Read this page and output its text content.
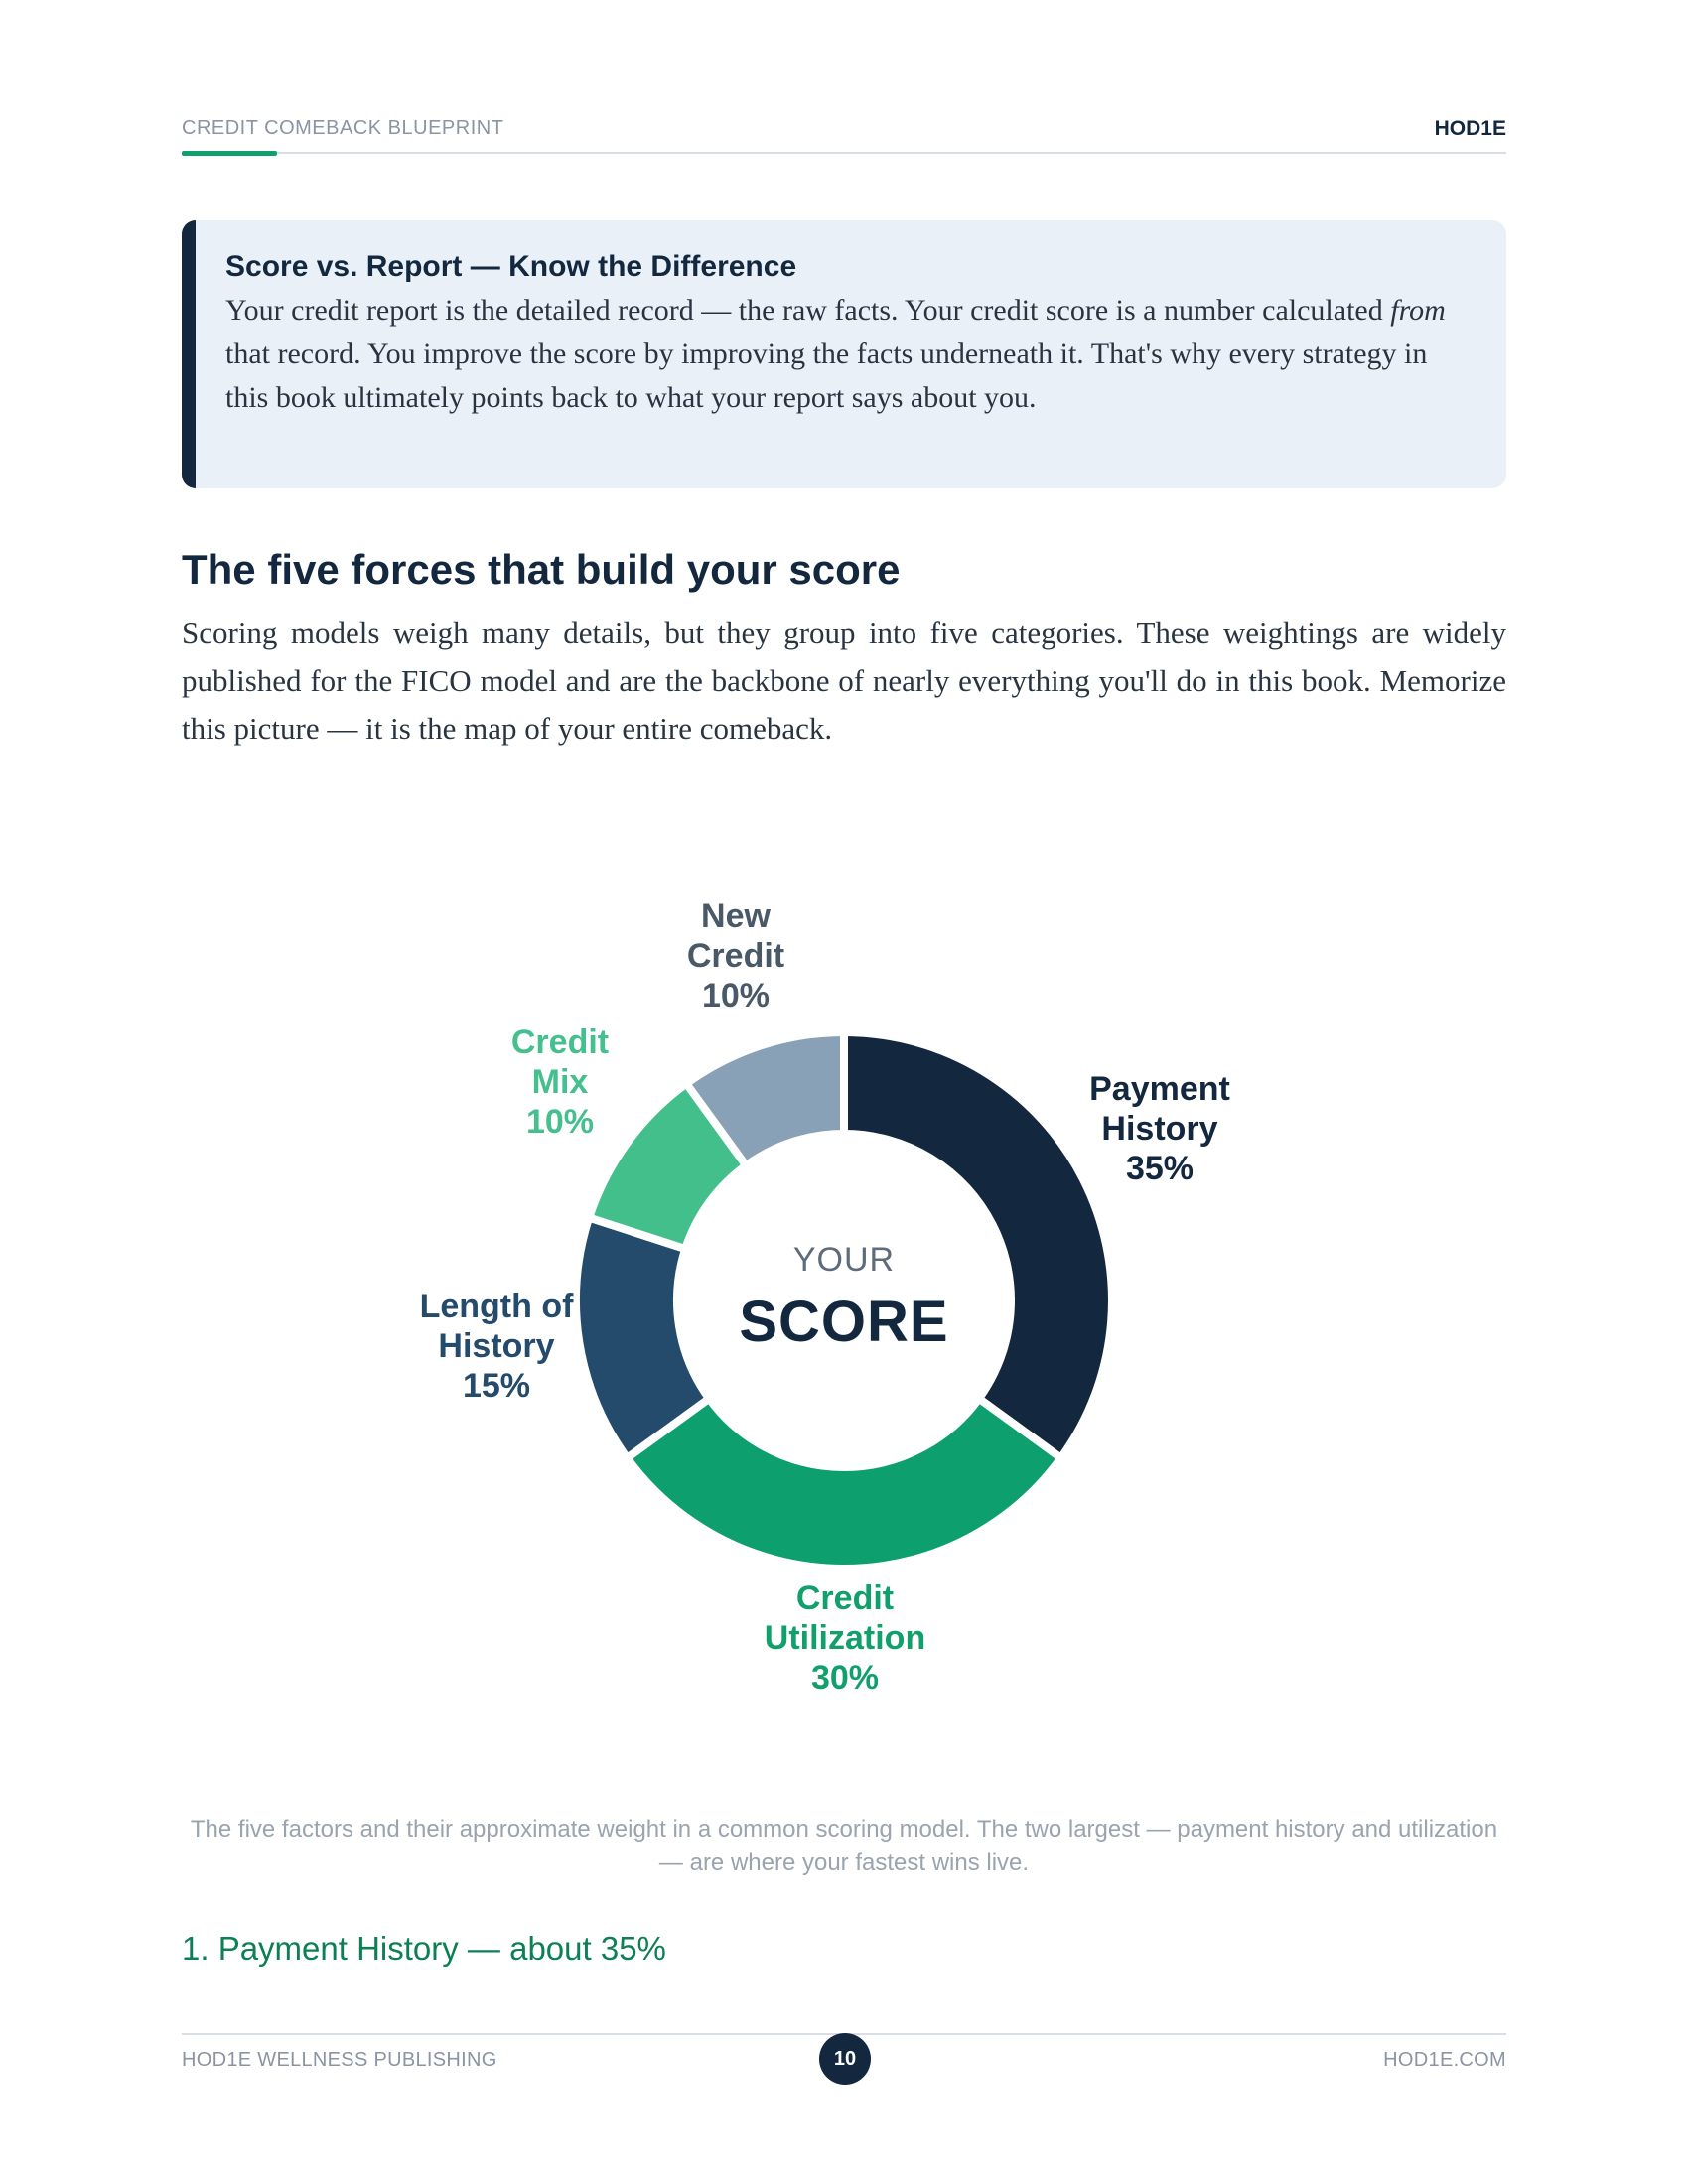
CREDIT COMEBACK BLUEPRINT	HOD1E
Score vs. Report — Know the Difference
Your credit report is the detailed record — the raw facts. Your credit score is a number calculated from that record. You improve the score by improving the facts underneath it. That's why every strategy in this book ultimately points back to what your report says about you.
The five forces that build your score
Scoring models weigh many details, but they group into five categories. These weightings are widely published for the FICO model and are the backbone of nearly everything you'll do in this book. Memorize this picture — it is the map of your entire comeback.
Payment
History
35%
Credit
Utilization
30%
Length of
History
15%
Credit
Mix
10%
New
Credit
10%
YOUR
SCORE
The five factors and their approximate weight in a common scoring model. The two largest — payment history and utilization — are where your fastest wins live.
1. Payment History — about 35%
HOD1E WELLNESS PUBLISHING	10	HOD1E.COM
